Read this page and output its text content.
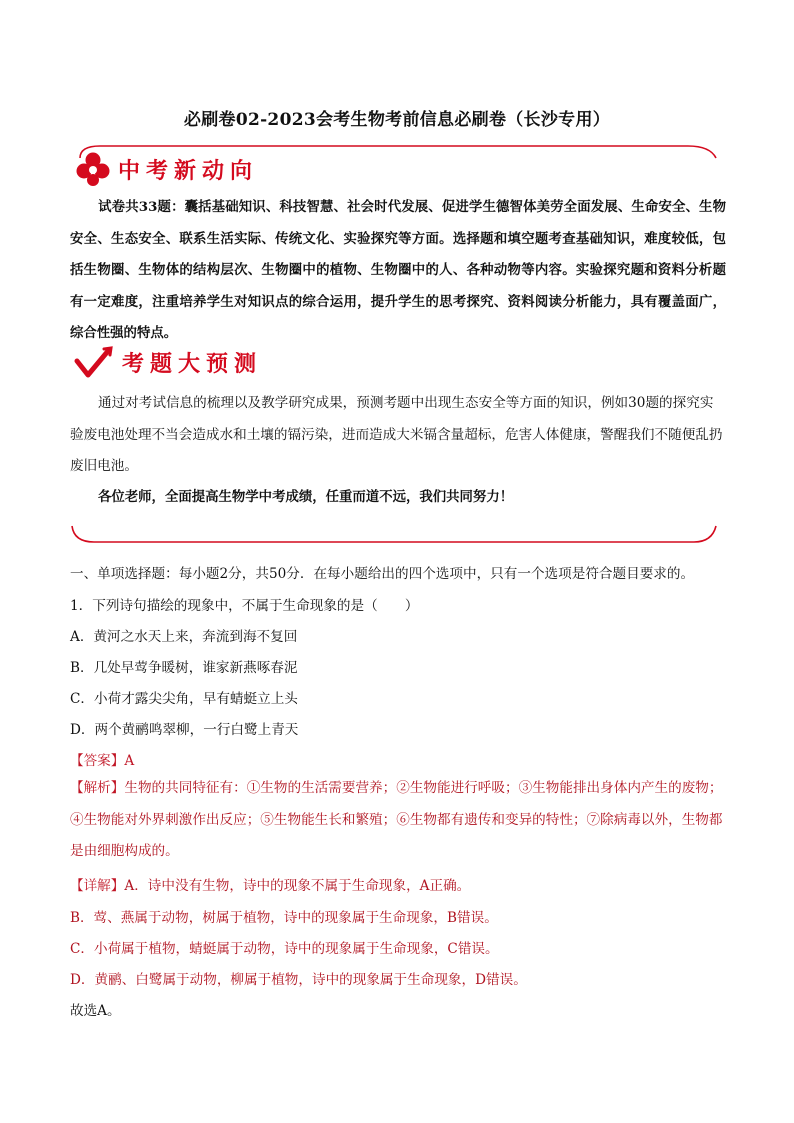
必刷卷02-2023会考生物考前信息必刷卷（长沙专用）
中考新动向
试卷共33题：囊括基础知识、科技智慧、社会时代发展、促进学生德智体美劳全面发展、生命安全、生物安全、生态安全、联系生活实际、传统文化、实验探究等方面。选择题和填空题考查基础知识，难度较低，包括生物圈、生物体的结构层次、生物圈中的植物、生物圈中的人、各种动物等内容。实验探究题和资料分析题有一定难度，注重培养学生对知识点的综合运用，提升学生的思考探究、资料阅读分析能力，具有覆盖面广，综合性强的特点。
考题大预测
通过对考试信息的梳理以及教学研究成果，预测考题中出现生态安全等方面的知识，例如30题的探究实验废电池处理不当会造成水和土壤的镉污染，进而造成大米镉含量超标，危害人体健康，警醒我们不随便乱扔废旧电池。
各位老师，全面提高生物学中考成绩，任重而道不远，我们共同努力！
一、单项选择题：每小题2分，共50分．在每小题给出的四个选项中，只有一个选项是符合题目要求的。
1．下列诗句描绘的现象中，不属于生命现象的是（　　）
A．黄河之水天上来，奔流到海不复回
B．几处早莺争暖树，谁家新燕啄春泥
C．小荷才露尖尖角，早有蜻蜓立上头
D．两个黄鹂鸣翠柳，一行白鹭上青天
【答案】A
【解析】生物的共同特征有：①生物的生活需要营养；②生物能进行呼吸；③生物能排出身体内产生的废物；④生物能对外界刺激作出反应；⑤生物能生长和繁殖；⑥生物都有遗传和变异的特性；⑦除病毒以外，生物都是由细胞构成的。
【详解】A．诗中没有生物，诗中的现象不属于生命现象，A正确。
B．莺、燕属于动物，树属于植物，诗中的现象属于生命现象，B错误。
C．小荷属于植物，蜻蜓属于动物，诗中的现象属于生命现象，C错误。
D．黄鹂、白鹭属于动物，柳属于植物，诗中的现象属于生命现象，D错误。
故选A。
